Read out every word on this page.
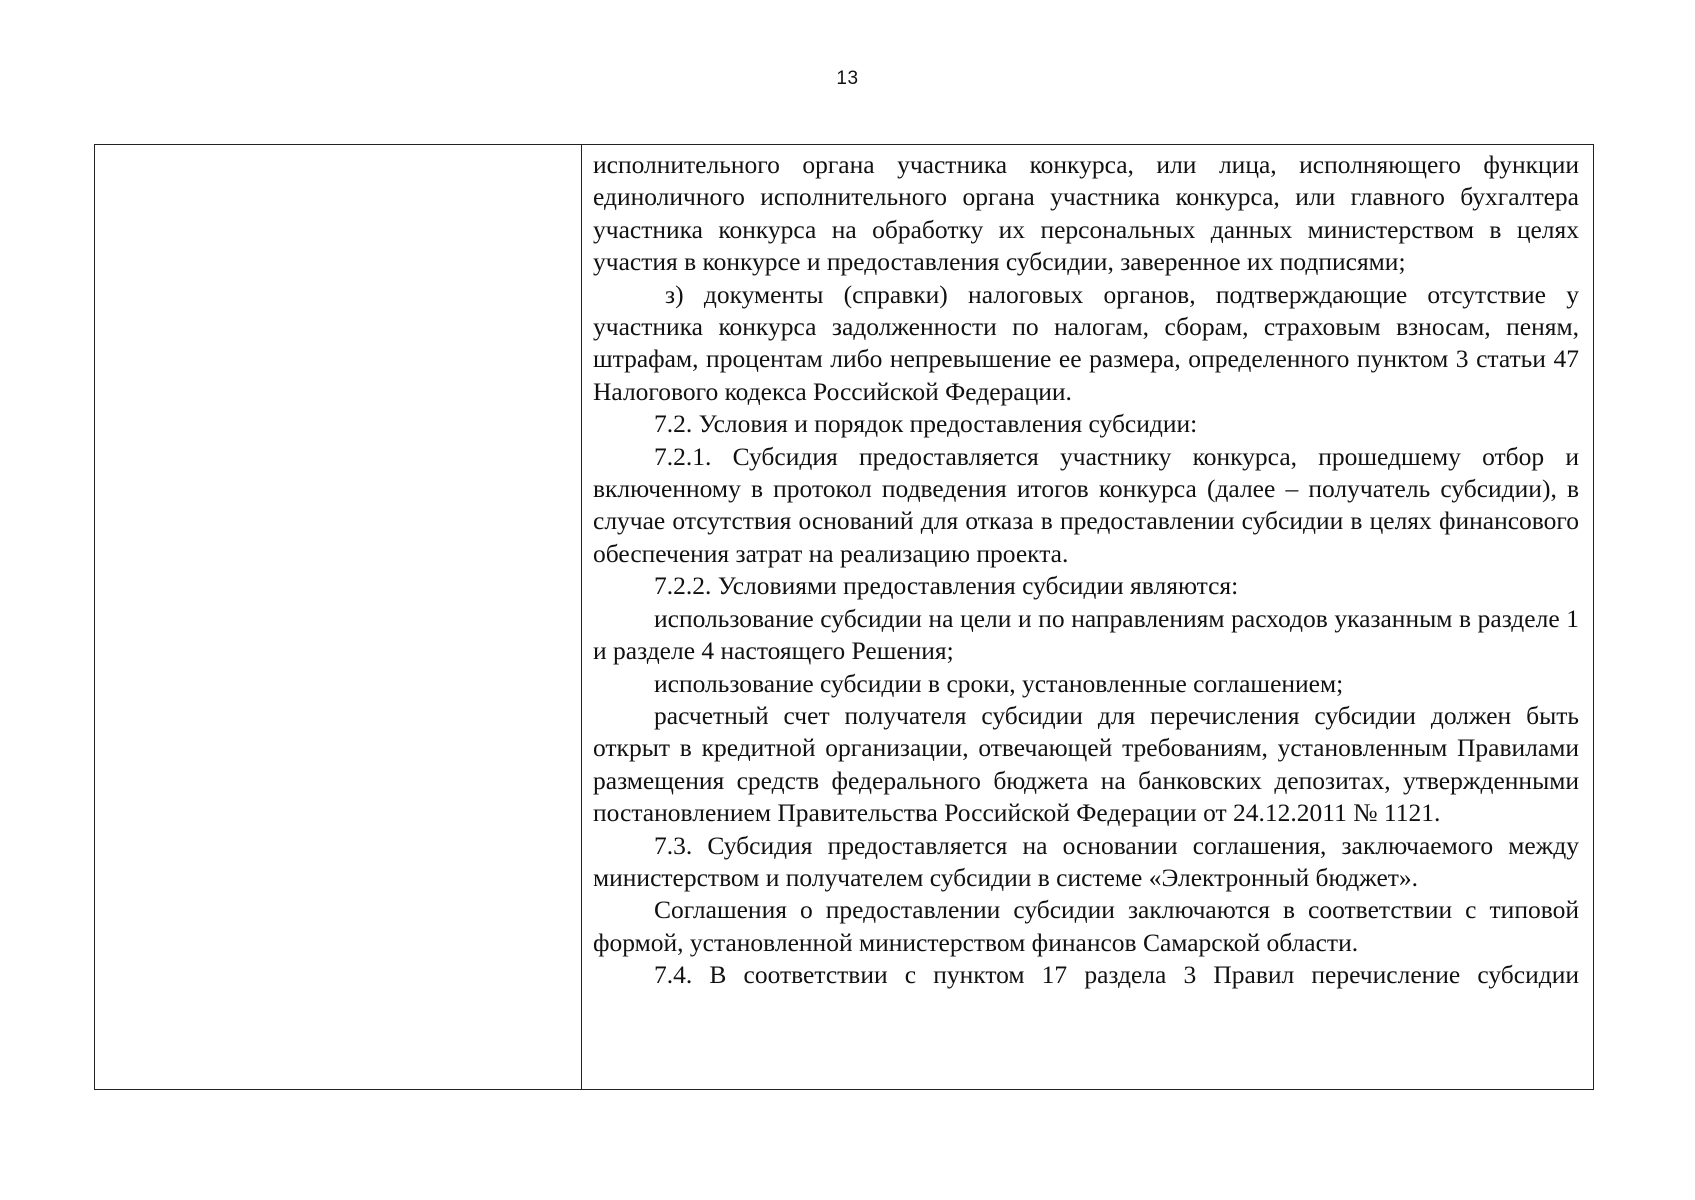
13

исполнительного органа участника конкурса, или лица, исполняющего функции единоличного исполнительного органа участника конкурса, или главного бухгалтера участника конкурса на обработку их персональных данных министерством в целях участия в конкурсе и предоставления субсидии, заверенное их подписями;

з) документы (справки) налоговых органов, подтверждающие отсутствие у участника конкурса задолженности по налогам, сборам, страховым взносам, пеням, штрафам, процентам либо непревышение ее размера, определенного пунктом 3 статьи 47 Налогового кодекса Российской Федерации.

7.2. Условия и порядок предоставления субсидии:

7.2.1. Субсидия предоставляется участнику конкурса, прошедшему отбор и включенному в протокол подведения итогов конкурса (далее – получатель субсидии), в случае отсутствия оснований для отказа в предоставлении субсидии в целях финансового обеспечения затрат на реализацию проекта.

7.2.2. Условиями предоставления субсидии являются:

использование субсидии на цели и по направлениям расходов указанным в разделе 1 и разделе 4 настоящего Решения;

использование субсидии в сроки, установленные соглашением;

расчетный счет получателя субсидии для перечисления субсидии должен быть открыт в кредитной организации, отвечающей требованиям, установленным Правилами размещения средств федерального бюджета на банковских депозитах, утвержденными постановлением Правительства Российской Федерации от 24.12.2011 № 1121.

7.3. Субсидия предоставляется на основании соглашения, заключаемого между министерством и получателем субсидии в системе «Электронный бюджет».

Соглашения о предоставлении субсидии заключаются в соответствии с типовой формой, установленной министерством финансов Самарской области.

7.4. В соответствии с пунктом 17 раздела 3 Правил перечисление субсидии
